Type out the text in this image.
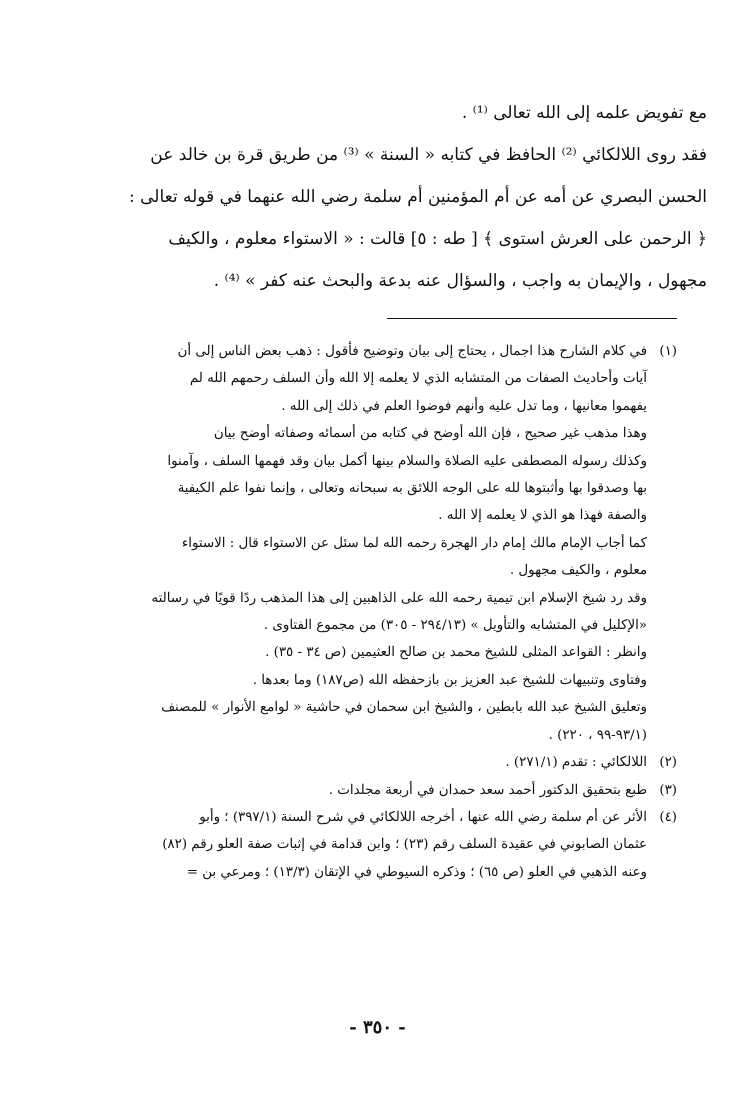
مع تفويض علمه إلى الله تعالى ⁽¹⁾ .

فقد روى اللالكائي ⁽²⁾ الحافظ في كتابه « السنة » ⁽³⁾ من طريق قرة بن خالد عن

الحسن البصري عن أمه عن أم المؤمنين أم سلمة رضي الله عنهما في قوله تعالى :

﴿ الرحمن على العرش استوى ﴾ [ طه : ٥] قالت : « الاستواء معلوم ، والكيف

مجهول ، والإيمان به واجب ، والسؤال عنه بدعة والبحث عنه كفر » ⁽⁴⁾ .

(١)
في كلام الشارح هذا اجمال ، يحتاج إلى بيان وتوضيح فأقول : ذهب بعض الناس إلى أن
آيات وأحاديث الصفات من المتشابه الذي لا يعلمه إلا الله وأن السلف رحمهم الله لم
يفهموا معانيها ، وما تدل عليه وأنهم فوضوا العلم في ذلك إلى الله .
وهذا مذهب غير صحيح ، فإن الله أوضح في كتابه من أسمائه وصفاته أوضح بيان
وكذلك رسوله المصطفى عليه الصلاة والسلام بينها أكمل بيان وقد فهمها السلف ، وآمنوا
بها وصدقوا بها وأثبتوها لله على الوجه اللائق به سبحانه وتعالى ، وإنما نفوا علم الكيفية
والصفة فهذا هو الذي لا يعلمه إلا الله .
كما أجاب الإمام مالك إمام دار الهجرة رحمه الله لما سئل عن الاستواء قال : الاستواء
معلوم ، والكيف مجهول .
وقد رد شيخ الإسلام ابن تيمية رحمه الله على الذاهبين إلى هذا المذهب ردًا قويًا في رسالته
«الإكليل في المتشابه والتأويل » (٢٩٤/١٣ - ٣٠٥) من مجموع الفتاوى .
وانظر : القواعد المثلى للشيخ محمد بن صالح العثيمين (ص ٣٤ - ٣٥) .
وفتاوى وتنبيهات للشيخ عبد العزيز بن بازحفظه الله (ص١٨٧) وما بعدها .
وتعليق الشيخ عبد الله بابطين ، والشيخ ابن سحمان في حاشية « لوامع الأنوار » للمصنف
(٩٣/١-٩٩ ، ٢٢٠) .
(٢)
اللالكائي : تقدم (٢٧١/١) .
(٣)
طبع بتحقيق الدكتور أحمد سعد حمدان في أربعة مجلدات .
(٤)
الأثر عن أم سلمة رضي الله عنها ، أخرجه اللالكائي في شرح السنة (٣٩٧/١) ؛ وأبو
عثمان الصابوني في عقيدة السلف رقم (٢٣) ؛ وابن قدامة في إثبات صفة العلو رقم (٨٢)
وعنه الذهبي في العلو (ص ٦٥) ؛ وذكره السيوطي في الإتقان (١٣/٣) ؛ ومرعي بن =
- ٣٥٠ -
